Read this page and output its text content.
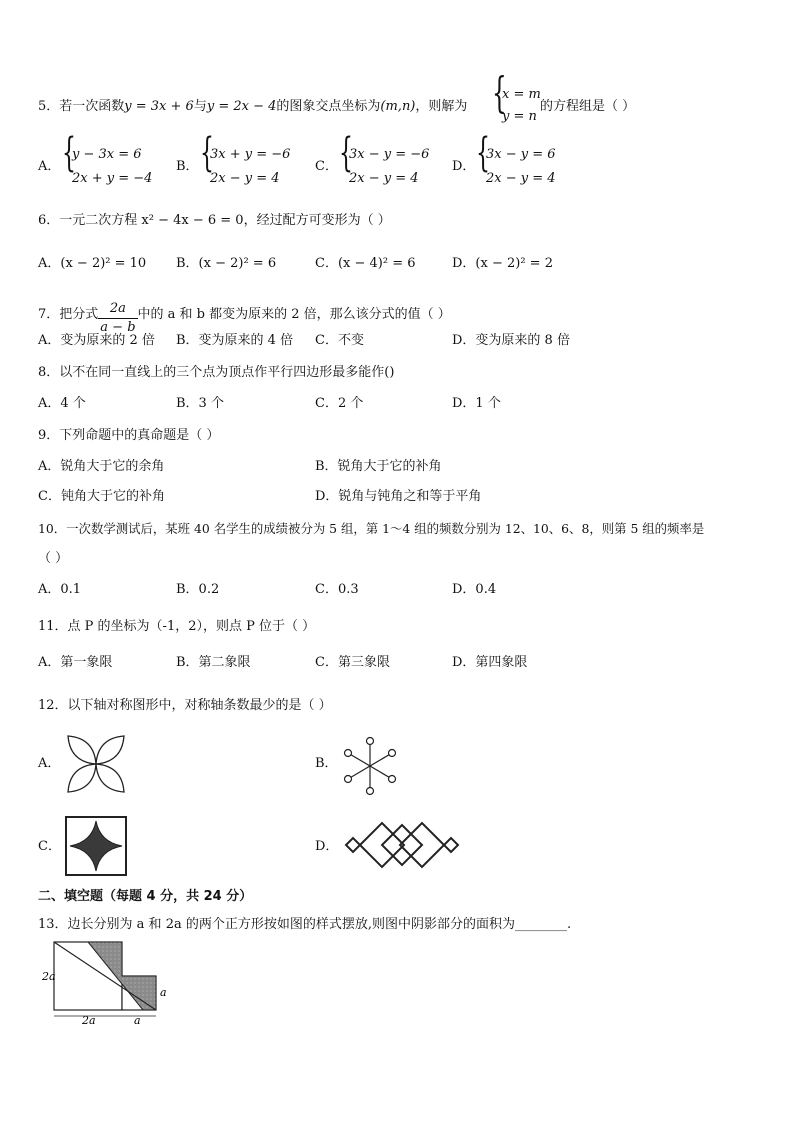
5．若一次函数y = 3x + 6与y = 2x − 4的图象交点坐标为(m,n)，则解为 {
x = m
y = n
的方程组是（ ）
A． {
y − 3x = 6
2x + y = −4
B． {
3x + y = −6
2x − y = 4
C． {
3x − y = −6
2x − y = 4
D． {
3x − y = 6
2x − y = 4
6．一元二次方程 x² − 4x − 6 = 0，经过配方可变形为（ ）
A．(x − 2)² = 10 B．(x − 2)² = 6	C．(x − 4)² = 6	D．(x − 2)² = 2
7．把分式 $\frac{2a}{a - b}$ 中的 a 和 b 都变为原来的 2 倍，那么该分式的值（ ）
A．变为原来的 2 倍 B．变为原来的 4 倍 C．不变	D．变为原来的 8 倍
8．以不在同一直线上的三个点为顶点作平行四边形最多能作()
A．4 个	B．3 个	C．2 个	D．1 个
9．下列命题中的真命题是（ ）
A．锐角大于它的余角	B．锐角大于它的补角
C．钝角大于它的补角	D．锐角与钝角之和等于平角
10．一次数学测试后，某班 40 名学生的成绩被分为 5 组，第 1～4 组的频数分别为 12、10、6、8，则第 5 组的频率是
（ ）
A．0.1	B．0.2	C．0.3	D．0.4
11．点 P 的坐标为（-1，2），则点 P 位于（ ）
A．第一象限	B．第二象限	C．第三象限	D．第四象限
12．以下轴对称图形中，对称轴条数最少的是（ ）
A．	B．
C．	D．
二、填空题（每题 4 分，共 24 分）
13．边长分别为 a 和 2a 的两个正方形按如图的样式摆放,则图中阴影部分的面积为________.
2a
2a	a
a
